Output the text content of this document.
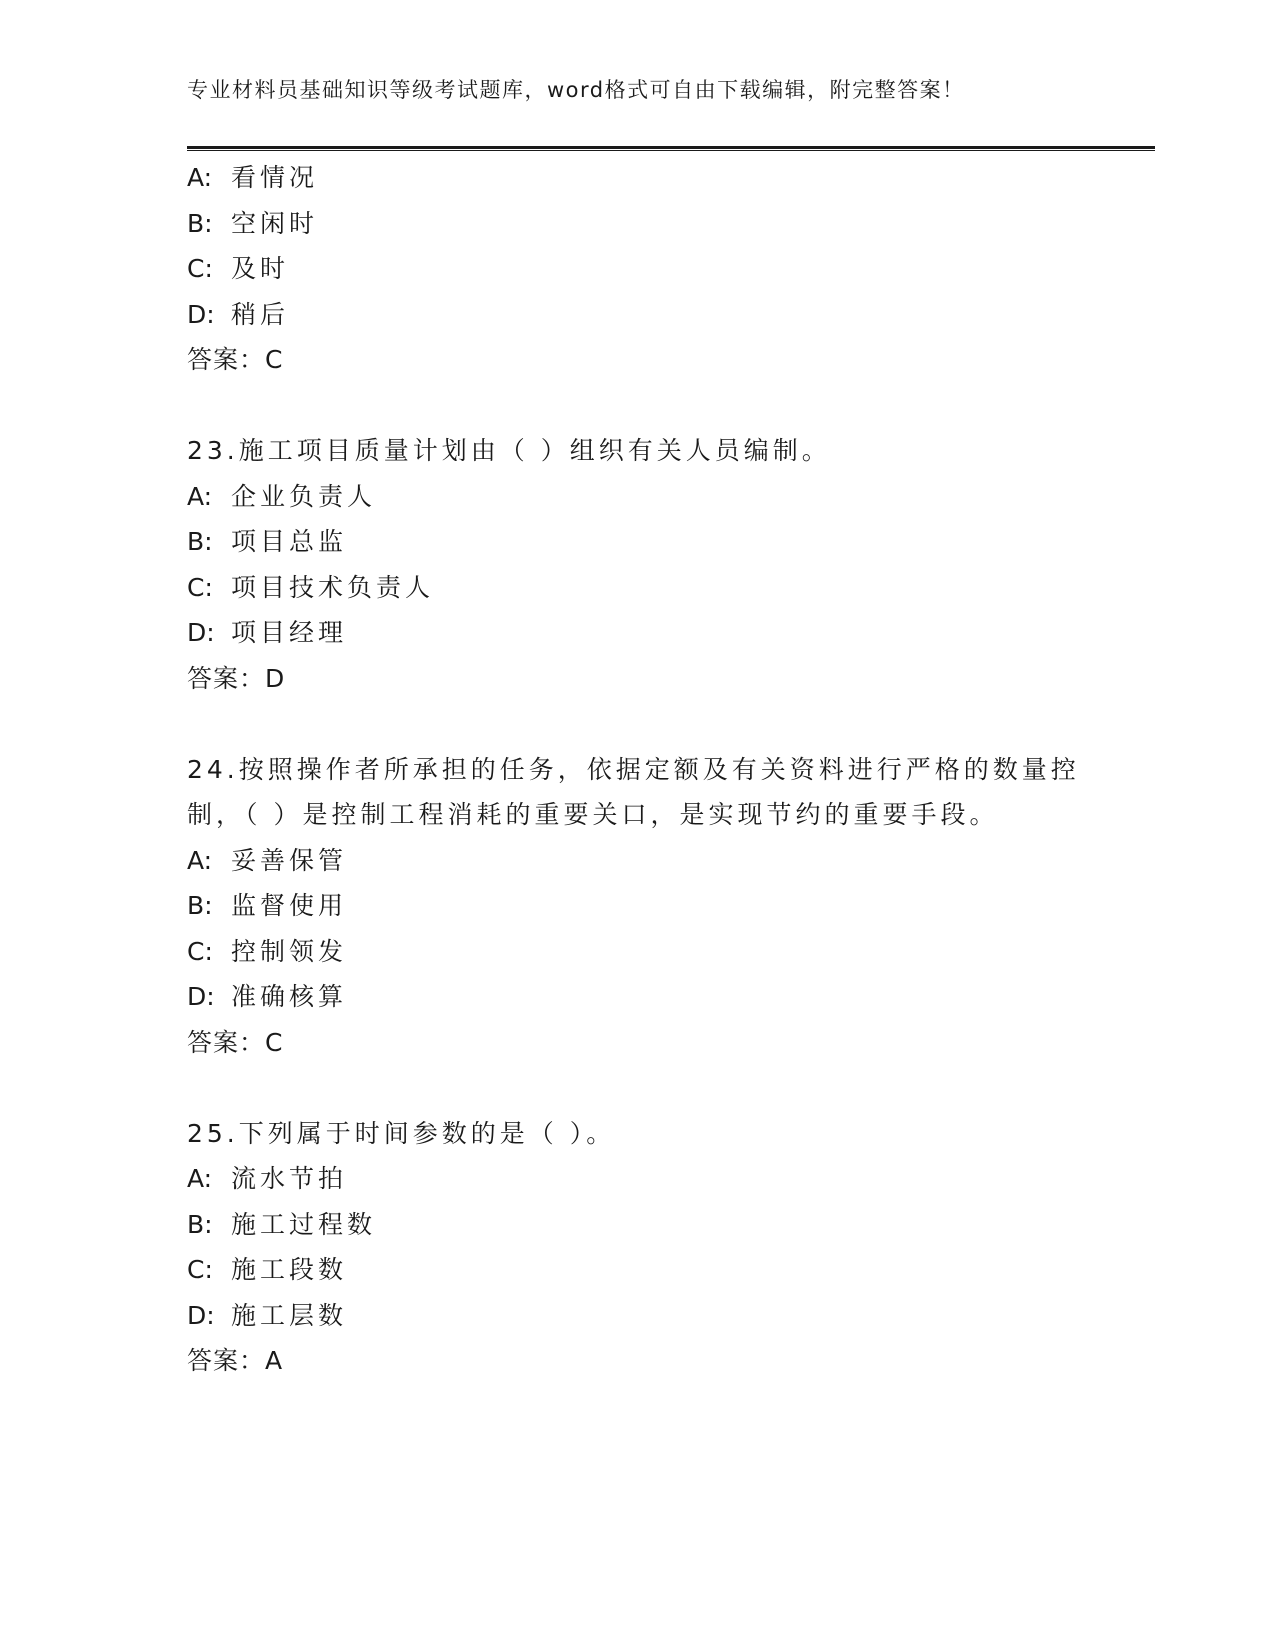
专业材料员基础知识等级考试题库，word格式可自由下载编辑，附完整答案！
A: 看情况
B: 空闲时
C: 及时
D: 稍后
答案：C
23.施工项目质量计划由（ ）组织有关人员编制。
A: 企业负责人
B: 项目总监
C: 项目技术负责人
D: 项目经理
答案：D
24.按照操作者所承担的任务，依据定额及有关资料进行严格的数量控
制，（ ）是控制工程消耗的重要关口，是实现节约的重要手段。
A: 妥善保管
B: 监督使用
C: 控制领发
D: 准确核算
答案：C
25.下列属于时间参数的是（ ）。
A: 流水节拍
B: 施工过程数
C: 施工段数
D: 施工层数
答案：A
